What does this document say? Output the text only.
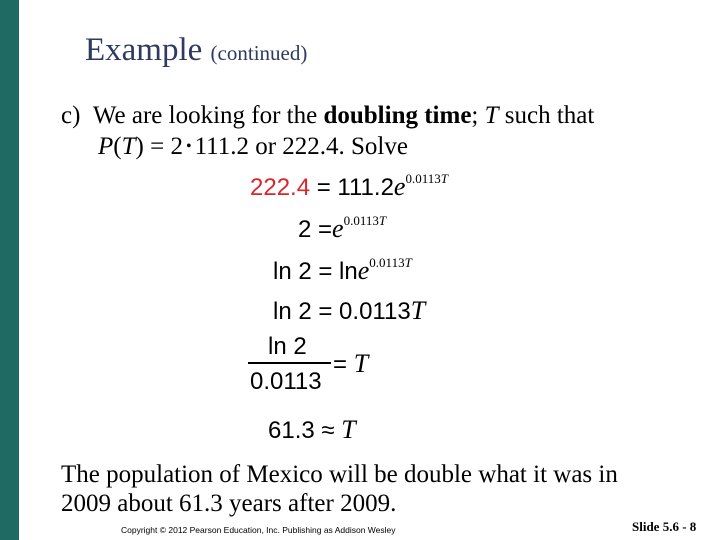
Example (continued)
c) We are looking for the doubling time; T such that
P(T) = 2 • 111.2 or 222.4. Solve
$222.4 = 111.2e^{0.0113T}$
$2 =e^{0.0113T}$
ln 2 = lne$^{0.0113T}$
ln 2 = 0.0113T
ln 2
0.0113
= T
61.3 ≈ T
The population of Mexico will be double what it was in
2009 about 61.3 years after 2009.
Copyright © 2012 Pearson Education, Inc. Publishing as Addison Wesley	Slide 5.6 - 8
